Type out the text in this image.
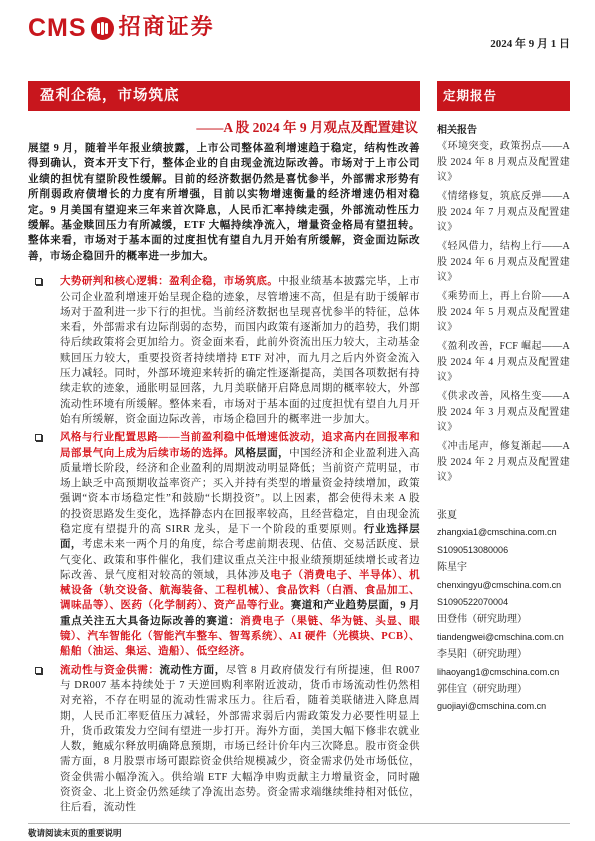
CMS 招商证券
2024 年 9 月 1 日
盈利企稳，市场筑底
——A 股 2024 年 9 月观点及配置建议

展望 9 月，随着半年报业绩披露，上市公司整体盈利增速趋于稳定，结构性改善得到确认，资本开支下行，整体企业的自由现金流边际改善。市场对于上市公司业绩的担忧有望阶段性缓解。目前的经济数据仍然是喜忧参半，外部需求形势有所削弱政府债增长的力度有所增强，目前以实物增速衡量的经济增速仍相对稳定。9 月美国有望迎来三年来首次降息，人民币汇率持续走强，外部流动性压力缓解。基金赎回压力有所减缓，ETF 大幅持续净流入，增量资金格局有望扭转。整体来看，市场对于基本面的过度担忧有望自九月开始有所缓解，资金面边际改善，市场企稳回升的概率进一步加大。

大势研判和核心逻辑：盈利企稳，市场筑底。中报业绩基本披露完毕，上市公司企业盈利增速开始呈现企稳的迹象，尽管增速不高，但是有助于缓解市场对于盈利进一步下行的担忧。当前经济数据也呈现喜忧参半的特征，总体来看，外部需求有边际削弱的态势，而国内政策有逐渐加力的趋势，我们期待后续政策将会更加给力。资金面来看，此前外资流出压力较大，主动基金赎回压力较大，重要投资者持续增持 ETF 对冲，而九月之后内外资金流入压力减轻。同时，外部环境迎来转折的确定性逐渐提高，美国各项数据有持续走软的迹象，通胀明显回落，九月美联储开启降息周期的概率较大，外部流动性环境有所缓解。整体来看，市场对于基本面的过度担忧有望自九月开始有所缓解，资金面边际改善，市场企稳回升的概率进一步加大。

风格与行业配置思路——当前盈利稳中低增速低波动，追求高内在回报率和局部景气向上成为后续市场的选择。风格层面，中国经济和企业盈利进入高质量增长阶段，经济和企业盈利的周期波动明显降低；当前资产荒明显，市场上缺乏中高预期收益率资产；买入并持有类型的增量资金持续增加，政策强调“资本市场稳定性”和鼓励“长期投资”。以上因素，都会使得未来 A 股的投资思路发生变化，选择静态内在回报率较高，且经营稳定，自由现金流稳定度有望提升的高 SIRR 龙头，是下一个阶段的重要原则。行业选择层面，考虑未来一两个月的角度，综合考虑前期表现、估值、交易活跃度、景气变化、政策和事件催化，我们建议重点关注中报业绩预期延续增长或者边际改善、景气度相对较高的领域，具体涉及电子（消费电子、半导体）、机械设备（轨交设备、航海装备、工程机械）、食品饮料（白酒、食品加工、调味品等）、医药（化学制药）、资产品等行业。赛道和产业趋势层面，9 月重点关注五大具备边际改善的赛道：消费电子（果链、华为链、头显、眼镜）、汽车智能化（智能汽车整车、智驾系统）、AI 硬件（光模块、PCB）、船舶（油运、集运、造船）、低空经济。

流动性与资金供需：流动性方面，尽管 8 月政府债发行有所提速，但 R007 与 DR007 基本持续处于 7 天逆回购利率附近波动，货币市场流动性仍然相对充裕，不存在明显的流动性需求压力。往后看，随着美联储进入降息周期，人民币汇率贬值压力减轻，外部需求弱后内需政策发力必要性明显上升，货币政策发力空间有望进一步打开。海外方面，美国大幅下修非农就业人数，鲍威尔释放明确降息预期，市场已经计价年内三次降息。股市资金供需方面，8 月股票市场可跟踪资金供给规模减少，资金需求仍处市场低位，资金供需小幅净流入。供给端 ETF 大幅净申购贡献主力增量资金，同时融资资金、北上资金仍然延续了净流出态势。资金需求端继续维持相对低位，往后看，流动性

定期报告
相关报告

《环境突变，政策拐点——A 股 2024 年 8 月观点及配置建议》

《情绪修复，筑底反弹——A 股 2024 年 7 月观点及配置建议》

《轻风借力，结构上行——A 股 2024 年 6 月观点及配置建议》

《乘势而上，再上台阶——A 股 2024 年 5 月观点及配置建议》

《盈利改善，FCF 崛起——A 股 2024 年 4 月观点及配置建议》

《供求改善，风格生变——A 股 2024 年 3 月观点及配置建议》

《冲击尾声，修复渐起——A 股 2024 年 2 月观点及配置建议》

张夏
zhangxia1@cmschina.com.cn
S1090513080006
陈星宇
chenxingyu@cmschina.com.cn
S1090522070004
田登伟（研究助理）
tiandengwei@cmschina.com.cn
李昊阳（研究助理）
lihaoyang1@cmschina.com.cn
郭佳宜（研究助理）
guojiayi@cmschina.com.cn
敬请阅读末页的重要说明
